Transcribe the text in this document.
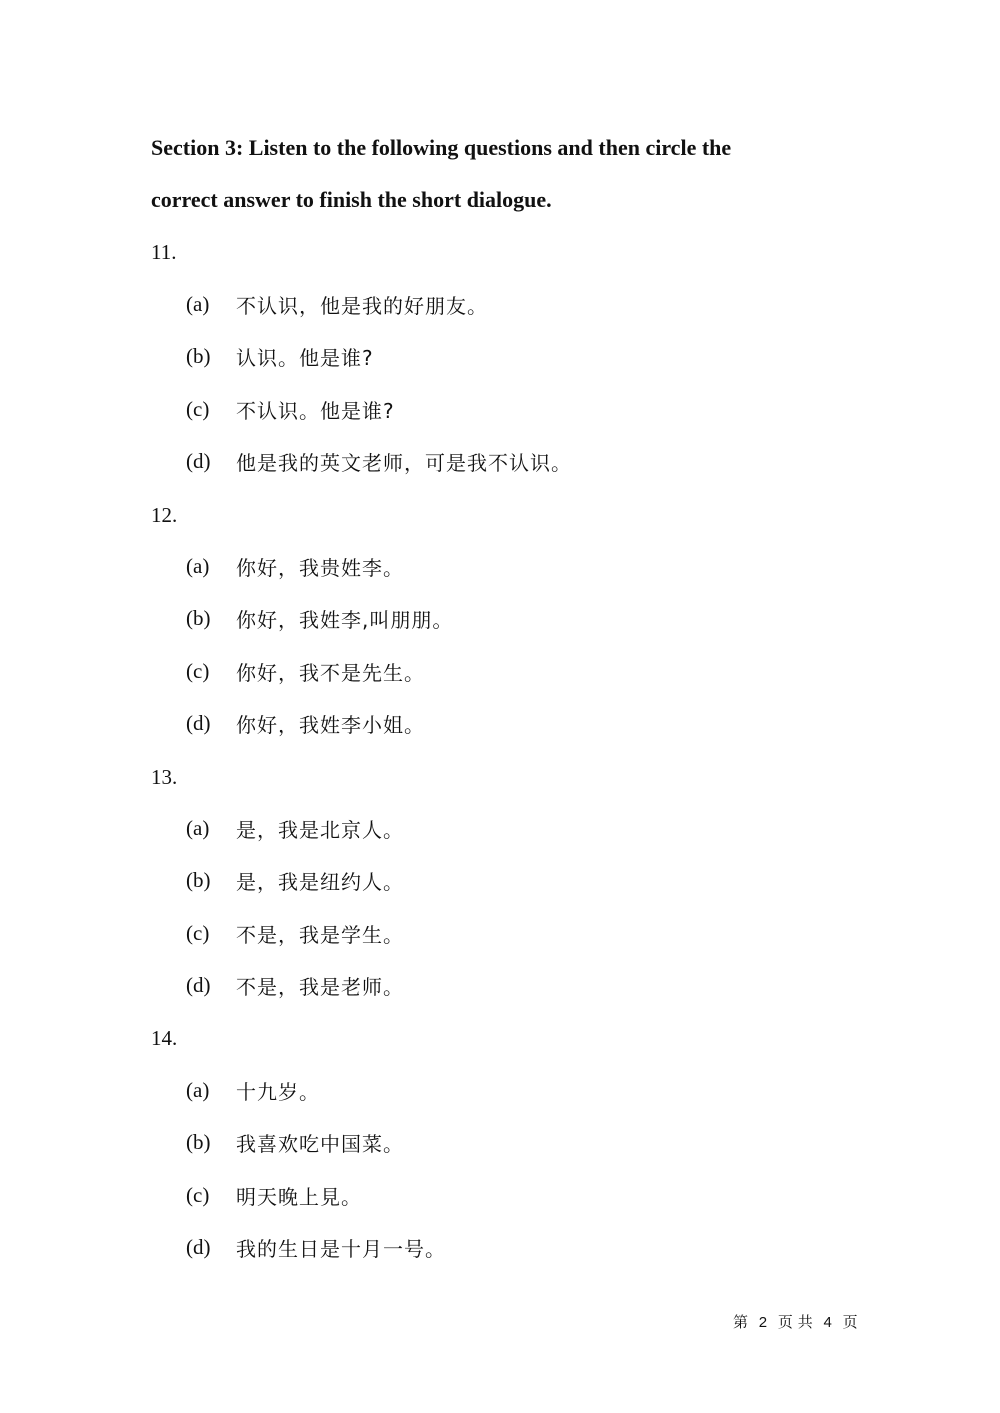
Section 3: Listen to the following questions and then circle the
correct answer to finish the short dialogue.
11.
(a)	不认识，他是我的好朋友。
(b)	认识。他是谁?
(c)	不认识。他是谁?
(d)	他是我的英文老师，可是我不认识。
12.
(a)	你好，我贵姓李。
(b)	你好，我姓李,叫朋朋。
(c)	你好，我不是先生。
(d)	你好，我姓李小姐。
13.
(a)	是，我是北京人。
(b)	是，我是纽约人。
(c)	不是，我是学生。
(d)	不是，我是老师。
14.
(a)	十九岁。
(b)	我喜欢吃中国菜。
(c)	明天晚上見。
(d)	我的生日是十月一号。
第 2 页 共 4 页
